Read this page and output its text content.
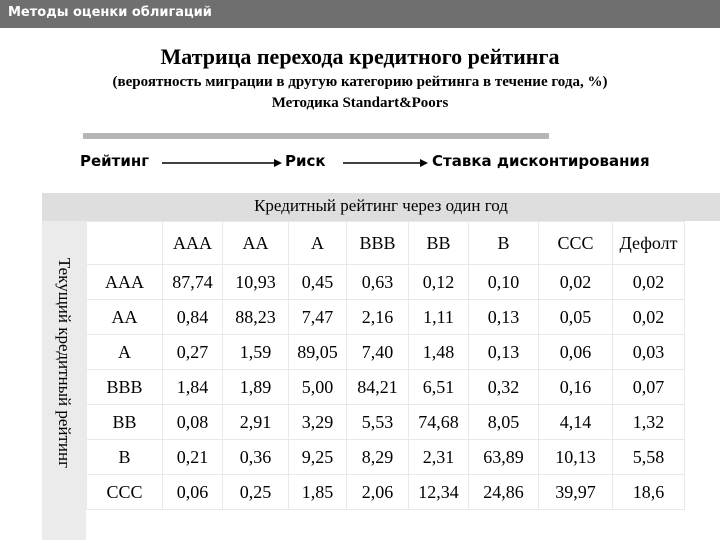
Методы оценки облигаций
Матрица перехода кредитного рейтинга
(вероятность миграции в другую категорию рейтинга в течение года, %)
Методика Standart&Poors
Рейтинг	Риск	Ставка дисконтирования
Кредитный рейтинг через один год
Текущий кредитный рейтинг
	AAA	AA	A	BBB	BB	B	CCC	Дефолт
AAA	87,74	10,93	0,45	0,63	0,12	0,10	0,02	0,02
AA	0,84	88,23	7,47	2,16	1,11	0,13	0,05	0,02
A	0,27	1,59	89,05	7,40	1,48	0,13	0,06	0,03
BBB	1,84	1,89	5,00	84,21	6,51	0,32	0,16	0,07
BB	0,08	2,91	3,29	5,53	74,68	8,05	4,14	1,32
B	0,21	0,36	9,25	8,29	2,31	63,89	10,13	5,58
CCC	0,06	0,25	1,85	2,06	12,34	24,86	39,97	18,6
